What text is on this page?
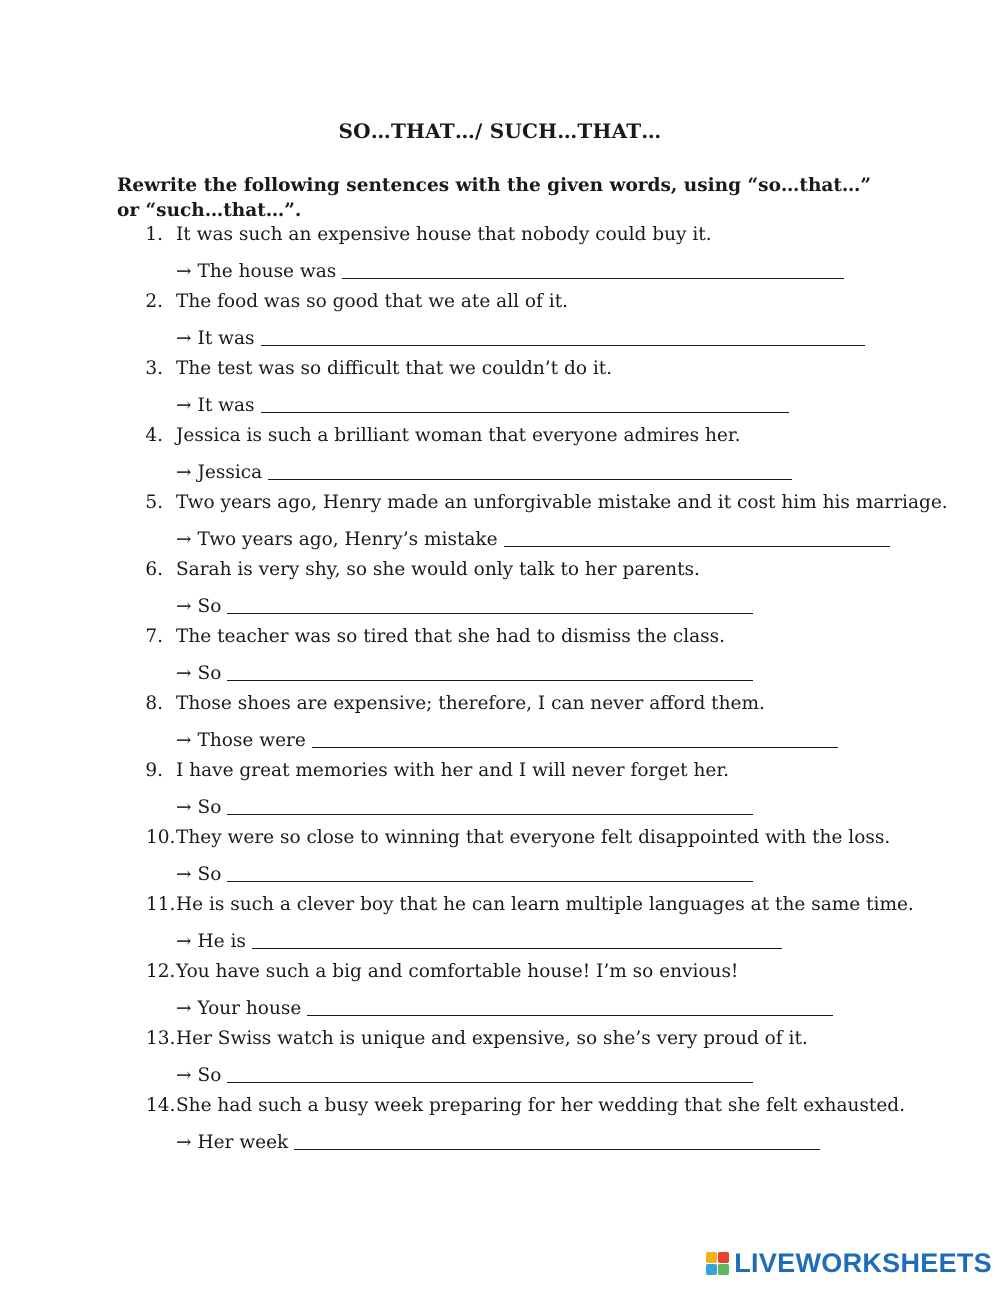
SO…THAT…/ SUCH…THAT…
Rewrite the following sentences with the given words, using “so…that…” or “such…that…”.
1. It was such an expensive house that nobody could buy it.
→ The house was
2. The food was so good that we ate all of it.
→ It was
3. The test was so difficult that we couldn’t do it.
→ It was
4. Jessica is such a brilliant woman that everyone admires her.
→ Jessica
5. Two years ago, Henry made an unforgivable mistake and it cost him his marriage.
→ Two years ago, Henry’s mistake
6. Sarah is very shy, so she would only talk to her parents.
→ So
7. The teacher was so tired that she had to dismiss the class.
→ So
8. Those shoes are expensive; therefore, I can never afford them.
→ Those were
9. I have great memories with her and I will never forget her.
→ So
10. They were so close to winning that everyone felt disappointed with the loss.
→ So
11. He is such a clever boy that he can learn multiple languages at the same time.
→ He is
12. You have such a big and comfortable house! I’m so envious!
→ Your house
13. Her Swiss watch is unique and expensive, so she’s very proud of it.
→ So
14. She had such a busy week preparing for her wedding that she felt exhausted.
→ Her week
LIVEWORKSHEETS
